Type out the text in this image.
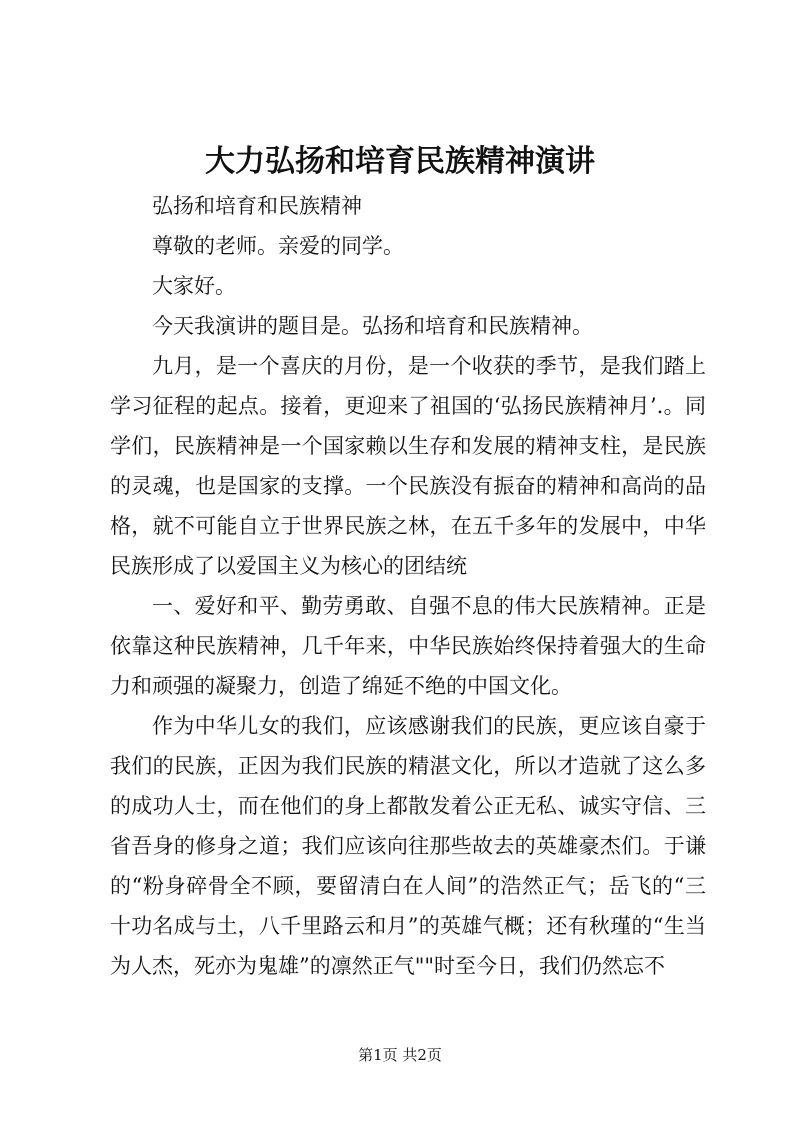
大力弘扬和培育民族精神演讲

弘扬和培育和民族精神

尊敬的老师。亲爱的同学。

大家好。

今天我演讲的题目是。弘扬和培育和民族精神。

九月，是一个喜庆的月份，是一个收获的季节，是我们踏上学习征程的起点。接着，更迎来了祖国的‘弘扬民族精神月’.。同学们，民族精神是一个国家赖以生存和发展的精神支柱，是民族的灵魂，也是国家的支撑。一个民族没有振奋的精神和高尚的品格，就不可能自立于世界民族之林，在五千多年的发展中，中华民族形成了以爱国主义为核心的团结统

一、爱好和平、勤劳勇敢、自强不息的伟大民族精神。正是依靠这种民族精神，几千年来，中华民族始终保持着强大的生命力和顽强的凝聚力，创造了绵延不绝的中国文化。

作为中华儿女的我们，应该感谢我们的民族，更应该自豪于我们的民族，正因为我们民族的精湛文化，所以才造就了这么多的成功人士，而在他们的身上都散发着公正无私、诚实守信、三省吾身的修身之道；我们应该向往那些故去的英雄豪杰们。于谦的“粉身碎骨全不顾，要留清白在人间”的浩然正气；岳飞的“三十功名成与土，八千里路云和月”的英雄气概；还有秋瑾的“生当为人杰，死亦为鬼雄”的凛然正气""时至今日，我们仍然忘不

第1页 共2页
